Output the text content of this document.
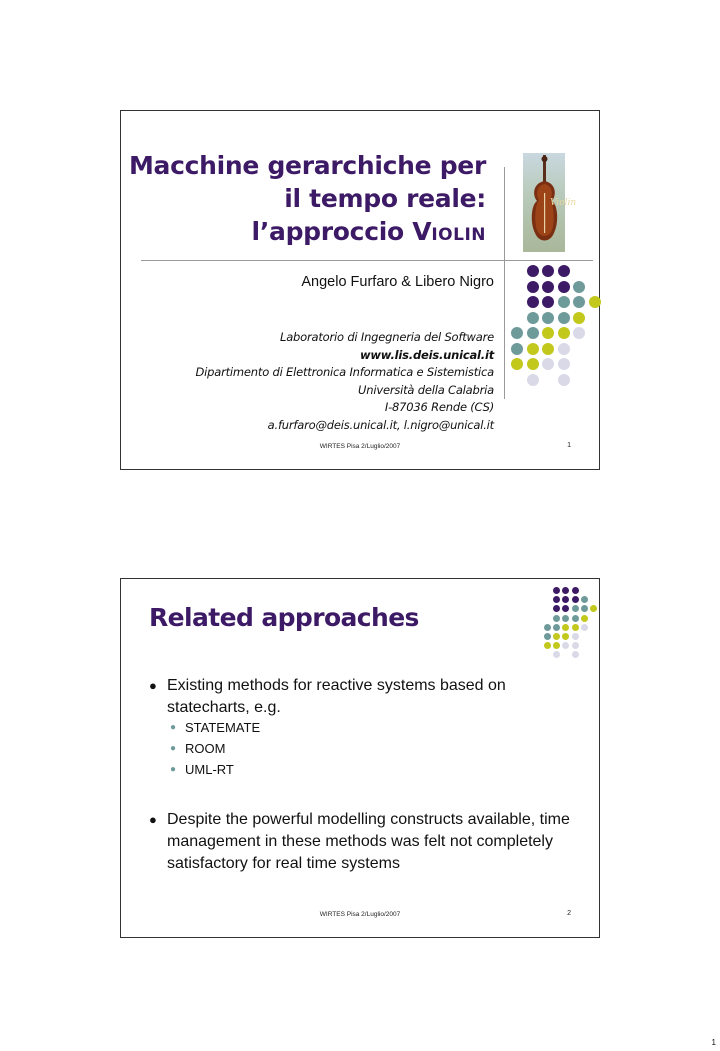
Macchine gerarchiche per
il tempo reale:
l’approccio VIOLIN
Violin
Angelo Furfaro & Libero Nigro
Laboratorio di Ingegneria del Software
www.lis.deis.unical.it
Dipartimento di Elettronica Informatica e Sistemistica
Università della Calabria
I-87036 Rende (CS)
a.furfaro@deis.unical.it, l.nigro@unical.it
WIRTES Pisa 2/Luglio/2007	1
Related approaches
● Existing methods for reactive systems based on statecharts, e.g.
● STATEMATE
● ROOM
● UML-RT
● Despite the powerful modelling constructs available, time management in these methods was felt not completely satisfactory for real time systems
WIRTES Pisa 2/Luglio/2007	2
1
